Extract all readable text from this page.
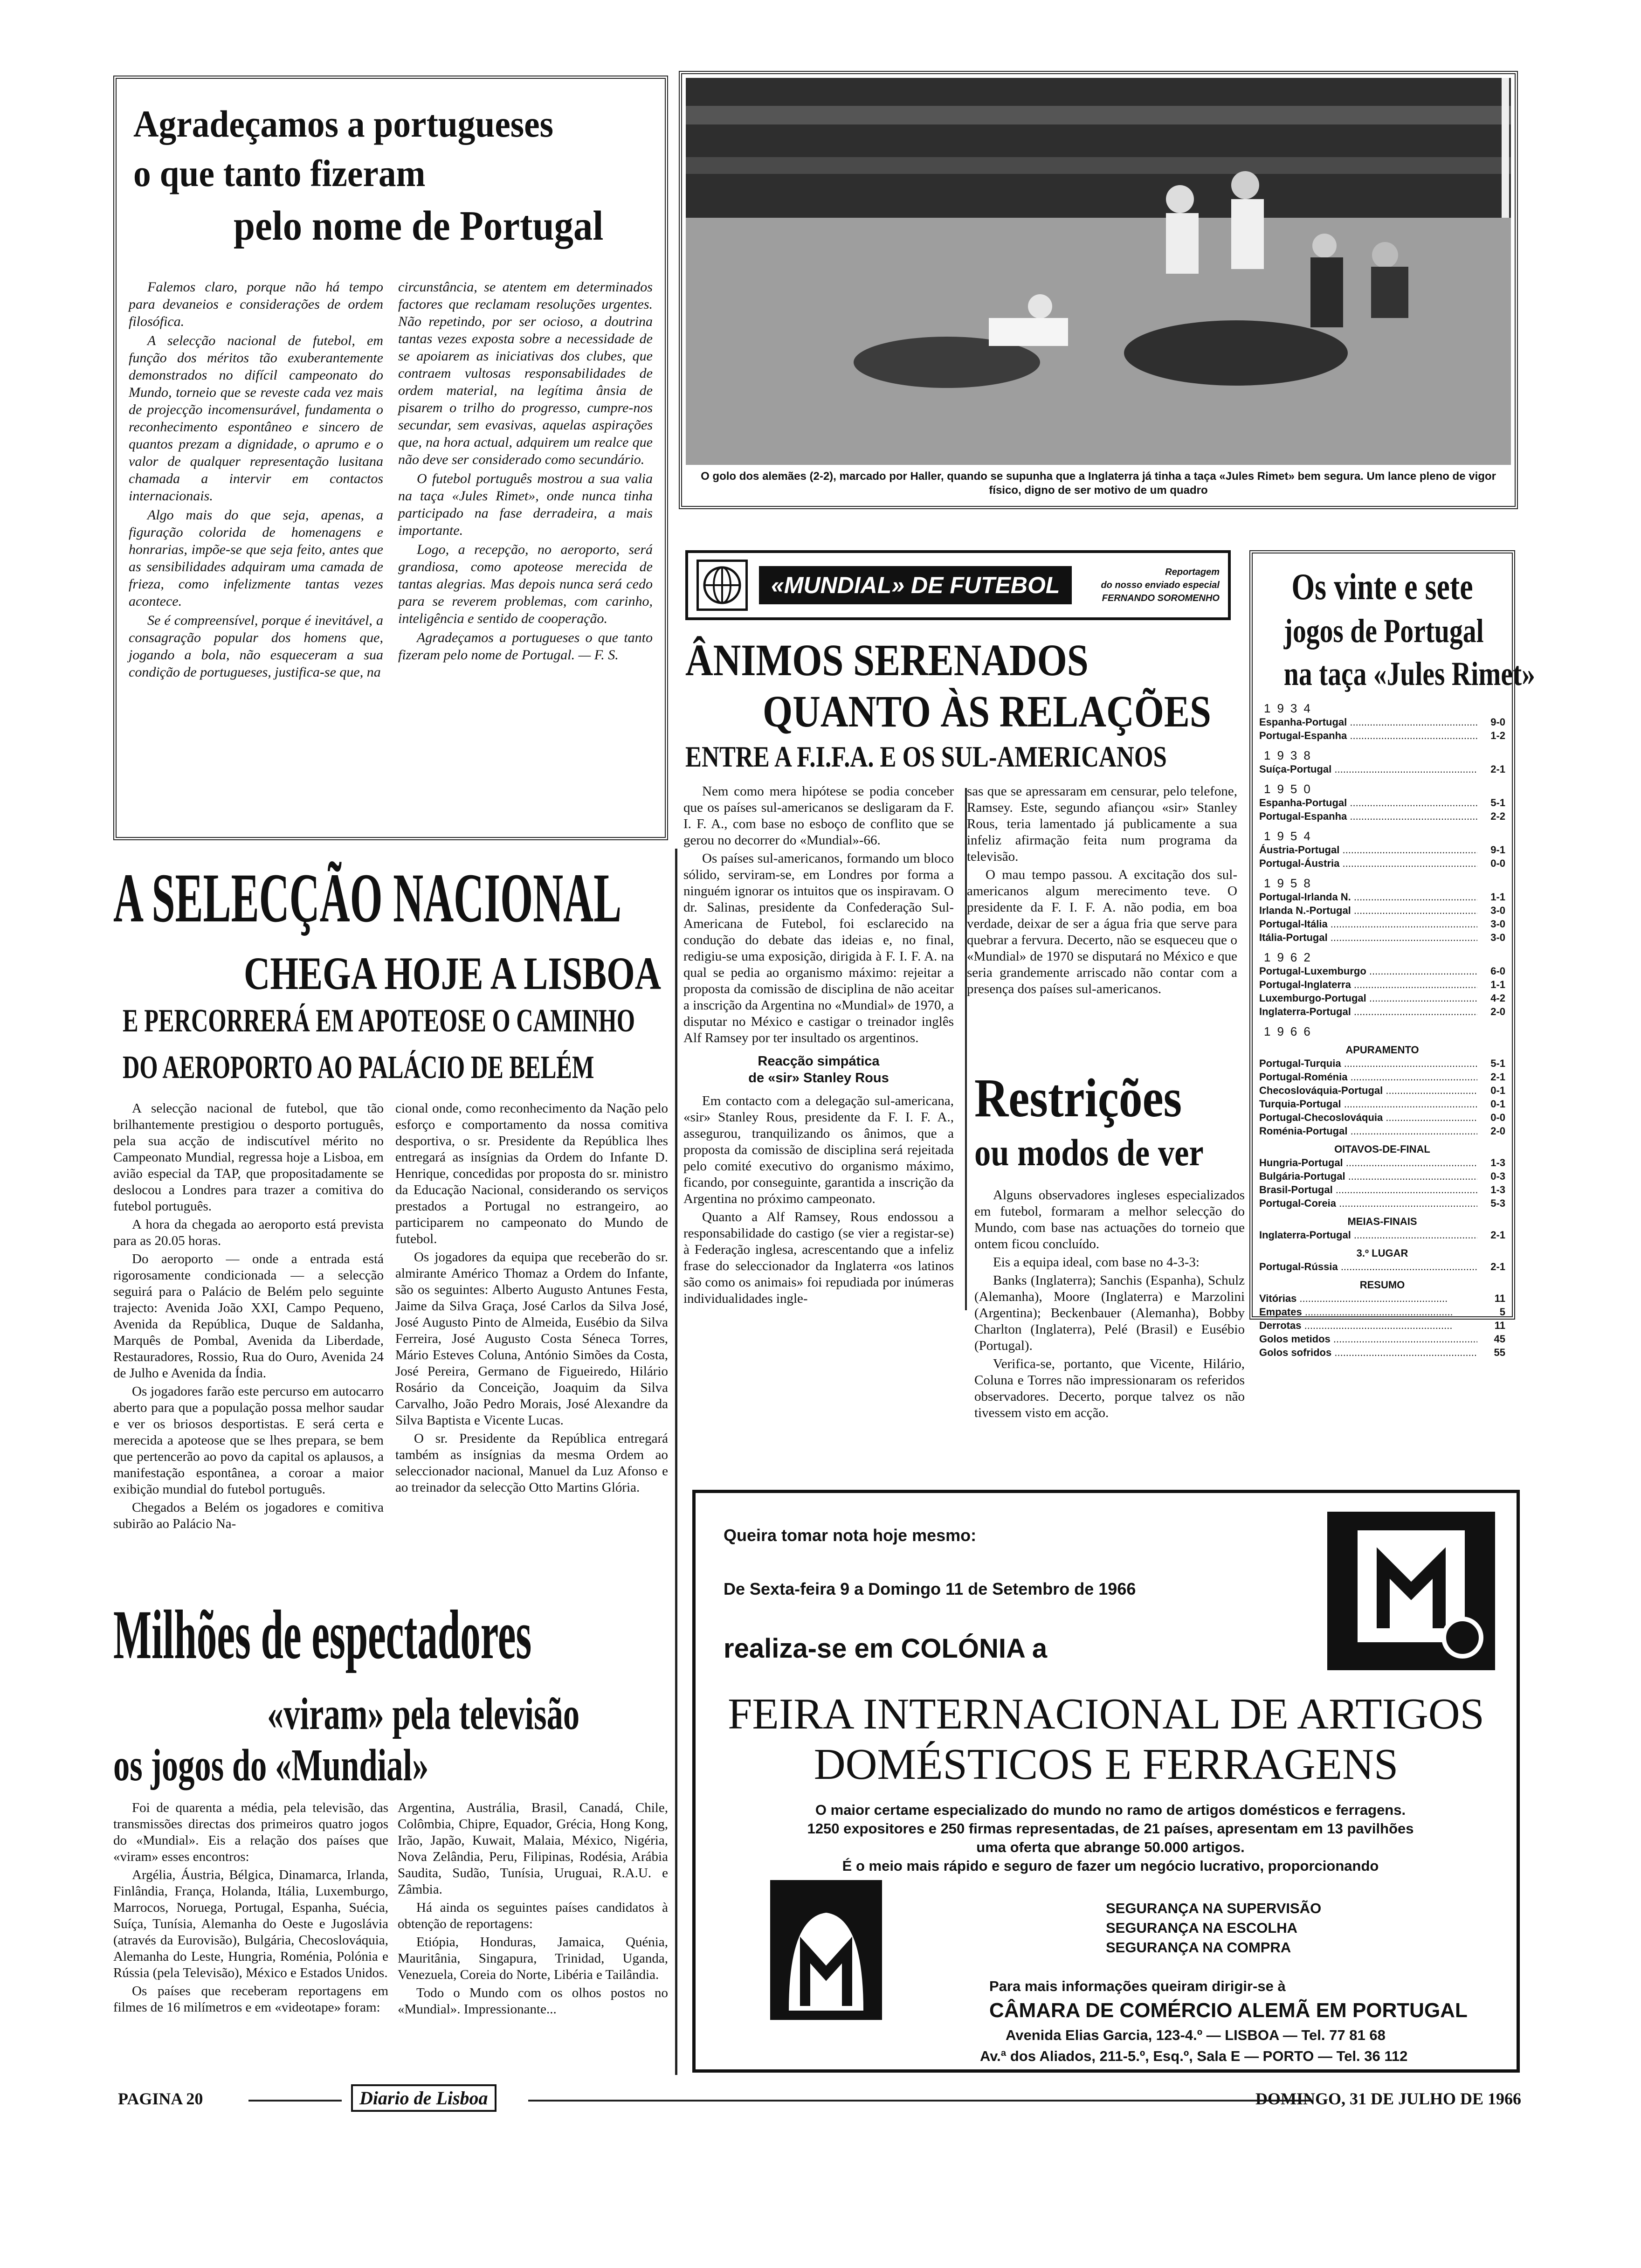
Agradeçamos a portugueses
o que tanto fizeram
pelo nome de Portugal

Falemos claro, porque não há tempo para devaneios e considerações de ordem filosófica.

A selecção nacional de futebol, em função dos méritos tão exuberantemente demonstrados no difícil campeonato do Mundo, torneio que se reveste cada vez mais de projecção incomensurável, fundamenta o reconhecimento espontâneo e sincero de quantos prezam a dignidade, o aprumo e o valor de qualquer representação lusitana chamada a intervir em contactos internacionais.

Algo mais do que seja, apenas, a figuração colorida de homenagens e honrarias, impõe-se que seja feito, antes que as sensibilidades adquiram uma camada de frieza, como infelizmente tantas vezes acontece.

Se é compreensível, porque é inevitável, a consagração popular dos homens que, jogando a bola, não esqueceram a sua condição de portugueses, justifica-se que, na

circunstância, se atentem em determinados factores que reclamam resoluções urgentes. Não repetindo, por ser ocioso, a doutrina tantas vezes exposta sobre a necessidade de se apoiarem as iniciativas dos clubes, que contraem vultosas responsabilidades de ordem material, na legítima ânsia de pisarem o trilho do progresso, cumpre-nos secundar, sem evasivas, aquelas aspirações que, na hora actual, adquirem um realce que não deve ser considerado como secundário.

O futebol português mostrou a sua valia na taça «Jules Rimet», onde nunca tinha participado na fase derradeira, a mais importante.

Logo, a recepção, no aeroporto, será grandiosa, como apoteose merecida de tantas alegrias. Mas depois nunca será cedo para se reverem problemas, com carinho, inteligência e sentido de cooperação.

Agradeçamos a portugueses o que tanto fizeram pelo nome de Portugal. — F. S.

O golo dos alemães (2-2), marcado por Haller, quando se supunha que a Inglaterra já tinha a taça «Jules Rimet» bem segura. Um lance pleno de vigor físico, digno de ser motivo de um quadro
«MUNDIAL» DE FUTEBOL	Reportagem
do nosso enviado especial
FERNANDO SOROMENHO
ÂNIMOS SERENADOS
QUANTO ÀS RELAÇÕES
ENTRE A F.I.F.A. E OS SUL-AMERICANOS

Nem como mera hipótese se podia conceber que os países sul-americanos se desligaram da F. I. F. A., com base no esboço de conflito que se gerou no decorrer do «Mundial»-66.

Os países sul-americanos, formando um bloco sólido, serviram-se, em Londres por forma a ninguém ignorar os intuitos que os inspiravam. O dr. Salinas, presidente da Confederação Sul-Americana de Futebol, foi esclarecido na condução do debate das ideias e, no final, redigiu-se uma exposição, dirigida à F. I. F. A. na qual se pedia ao organismo máximo: rejeitar a proposta da comissão de disciplina de não aceitar a inscrição da Argentina no «Mundial» de 1970, a disputar no México e castigar o treinador inglês Alf Ramsey por ter insultado os argentinos.

Reacção simpática
de «sir» Stanley Rous

Em contacto com a delegação sul-americana, «sir» Stanley Rous, presidente da F. I. F. A., assegurou, tranquilizando os ânimos, que a proposta da comissão de disciplina será rejeitada pelo comité executivo do organismo máximo, ficando, por conseguinte, garantida a inscrição da Argentina no próximo campeonato.

Quanto a Alf Ramsey, Rous endossou a responsabilidade do castigo (se vier a registar-se) à Federação inglesa, acrescentando que a infeliz frase do seleccionador da Inglaterra «os latinos são como os animais» foi repudiada por inúmeras individualidades ingle-

sas que se apressaram em censurar, pelo telefone, Ramsey. Este, segundo afiançou «sir» Stanley Rous, teria lamentado já publicamente a sua infeliz afirmação feita num programa da televisão.

O mau tempo passou. A excitação dos sul-americanos algum merecimento teve. O presidente da F. I. F. A. não podia, em boa verdade, deixar de ser a água fria que serve para quebrar a fervura. Decerto, não se esqueceu que o «Mundial» de 1970 se disputará no México e que seria grandemente arriscado não contar com a presença dos países sul-americanos.

Restrições
ou modos de ver

Alguns observadores ingleses especializados em futebol, formaram a melhor selecção do Mundo, com base nas actuações do torneio que ontem ficou concluído.

Eis a equipa ideal, com base no 4-3-3:

Banks (Inglaterra); Sanchis (Espanha), Schulz (Alemanha), Moore (Inglaterra) e Marzolini (Argentina); Beckenbauer (Alemanha), Bobby Charlton (Inglaterra), Pelé (Brasil) e Eusébio (Portugal).

Verifica-se, portanto, que Vicente, Hilário, Coluna e Torres não impressionaram os referidos observadores. Decerto, porque talvez os não tivessem visto em acção.

Os vinte e sete
jogos de Portugal
na taça «Jules Rimet»
1934
Espanha-Portugal .....	9-0
Portugal-Espanha .....	1-2
1938
Suíça-Portugal .....	2-1
1950
Espanha-Portugal .....	5-1
Portugal-Espanha .....	2-2
1954
Áustria-Portugal .....	9-1
Portugal-Áustria .....	0-0
1958
Portugal-Irlanda N. .....	1-1
Irlanda N.-Portugal .....	3-0
Portugal-Itália .....	3-0
Itália-Portugal .....	3-0
1962
Portugal-Luxemburgo .....	6-0
Portugal-Inglaterra .....	1-1
Luxemburgo-Portugal .....	4-2
Inglaterra-Portugal .....	2-0
1966
APURAMENTO
Portugal-Turquia .....	5-1
Portugal-Roménia .....	2-1
Checoslováquia-Portugal .....	0-1
Turquia-Portugal .....	0-1
Portugal-Checoslováquia .....	0-0
Roménia-Portugal .....	2-0
OITAVOS-DE-FINAL
Hungria-Portugal .....	1-3
Bulgária-Portugal .....	0-3
Brasil-Portugal .....	1-3
Portugal-Coreia .....	5-3
MEIAS-FINAIS
Inglaterra-Portugal .....	2-1
3.º LUGAR
Portugal-Rússia .....	2-1
RESUMO
Vitórias .....	11
Empates .....	5
Derrotas .....	11
Golos metidos .....	45
Golos sofridos .....	55
A SELECÇÃO NACIONAL
CHEGA HOJE A LISBOA
E PERCORRERÁ EM APOTEOSE O CAMINHO
DO AEROPORTO AO PALÁCIO DE BELÉM

A selecção nacional de futebol, que tão brilhantemente prestigiou o desporto português, pela sua acção de indiscutível mérito no Campeonato Mundial, regressa hoje a Lisboa, em avião especial da TAP, que propositadamente se deslocou a Londres para trazer a comitiva do futebol português.

A hora da chegada ao aeroporto está prevista para as 20.05 horas.

Do aeroporto — onde a entrada está rigorosamente condicionada — a selecção seguirá para o Palácio de Belém pelo seguinte trajecto: Avenida João XXI, Campo Pequeno, Avenida da República, Duque de Saldanha, Marquês de Pombal, Avenida da Liberdade, Restauradores, Rossio, Rua do Ouro, Avenida 24 de Julho e Avenida da Índia.

Os jogadores farão este percurso em autocarro aberto para que a população possa melhor saudar e ver os briosos desportistas. E será certa e merecida a apoteose que se lhes prepara, se bem que pertencerão ao povo da capital os aplausos, a manifestação espontânea, a coroar a maior exibição mundial do futebol português.

Chegados a Belém os jogadores e comitiva subirão ao Palácio Na-

cional onde, como reconhecimento da Nação pelo esforço e comportamento da nossa comitiva desportiva, o sr. Presidente da República lhes entregará as insígnias da Ordem do Infante D. Henrique, concedidas por proposta do sr. ministro da Educação Nacional, considerando os serviços prestados a Portugal no estrangeiro, ao participarem no campeonato do Mundo de futebol.

Os jogadores da equipa que receberão do sr. almirante Américo Thomaz a Ordem do Infante, são os seguintes: Alberto Augusto Antunes Festa, Jaime da Silva Graça, José Carlos da Silva José, José Augusto Pinto de Almeida, Eusébio da Silva Ferreira, José Augusto Costa Séneca Torres, Mário Esteves Coluna, António Simões da Costa, José Pereira, Germano de Figueiredo, Hilário Rosário da Conceição, Joaquim da Silva Carvalho, João Pedro Morais, José Alexandre da Silva Baptista e Vicente Lucas.

O sr. Presidente da República entregará também as insígnias da mesma Ordem ao seleccionador nacional, Manuel da Luz Afonso e ao treinador da selecção Otto Martins Glória.

Milhões de espectadores
«viram» pela televisão
os jogos do «Mundial»

Foi de quarenta a média, pela televisão, das transmissões directas dos primeiros quatro jogos do «Mundial». Eis a relação dos países que «viram» esses encontros:

Argélia, Áustria, Bélgica, Dinamarca, Irlanda, Finlândia, França, Holanda, Itália, Luxemburgo, Marrocos, Noruega, Portugal, Espanha, Suécia, Suíça, Tunísia, Alemanha do Oeste e Jugoslávia (através da Eurovisão), Bulgária, Checoslováquia, Alemanha do Leste, Hungria, Roménia, Polónia e Rússia (pela Televisão), México e Estados Unidos.

Os países que receberam reportagens em filmes de 16 milímetros e em «videotape» foram:

Argentina, Austrália, Brasil, Canadá, Chile, Colômbia, Chipre, Equador, Grécia, Hong Kong, Irão, Japão, Kuwait, Malaia, México, Nigéria, Nova Zelândia, Peru, Filipinas, Rodésia, Arábia Saudita, Sudão, Tunísia, Uruguai, R.A.U. e Zâmbia.

Há ainda os seguintes países candidatos à obtenção de reportagens:

Etiópia, Honduras, Jamaica, Quénia, Mauritânia, Singapura, Trinidad, Uganda, Venezuela, Coreia do Norte, Libéria e Tailândia.

Todo o Mundo com os olhos postos no «Mundial». Impressionante...

Queira tomar nota hoje mesmo:
De Sexta-feira 9 a Domingo 11 de Setembro de 1966
realiza-se em COLÓNIA a
FEIRA INTERNACIONAL DE ARTIGOS
DOMÉSTICOS E FERRAGENS
O maior certame especializado do mundo no ramo de artigos domésticos e ferragens.
1250 expositores e 250 firmas representadas, de 21 países, apresentam em 13 pavilhões
uma oferta que abrange 50.000 artigos.
É o meio mais rápido e seguro de fazer um negócio lucrativo, proporcionando
SEGURANÇA NA SUPERVISÃO
SEGURANÇA NA ESCOLHA
SEGURANÇA NA COMPRA
Para mais informações queiram dirigir-se à
CÂMARA DE COMÉRCIO ALEMÃ EM PORTUGAL
Avenida Elias Garcia, 123-4.º — LISBOA — Tel. 77 81 68
Av.ª dos Aliados, 211-5.º, Esq.º, Sala E — PORTO — Tel. 36 112
PAGINA 20	Diario de Lisboa	DOMINGO, 31 DE JULHO DE 1966
